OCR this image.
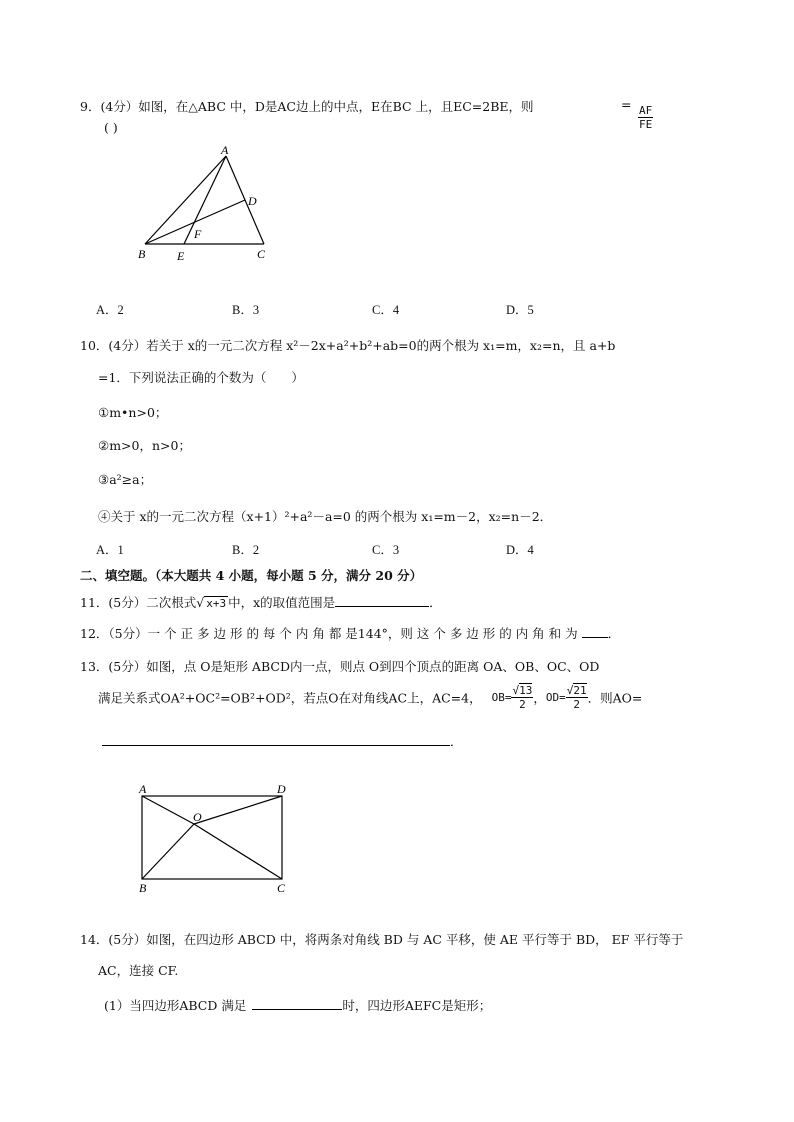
9．(4分）如图，在△ABC 中，D是AC边上的中点，E在BC 上，且EC=2BE，则	= $\frac{AF}{FE}$
( )
A
B	C
D
E
F
A．2	B．3	C．4	D．5
10．(4分）若关于 x的一元二次方程 x²－2x+a²+b²+ab=0的两个根为 x₁=m，x₂=n，且 a+b
=1．下列说法正确的个数为（　　）
①m•n>0；
②m>0，n>0；
③a²≥a；
④关于 x的一元二次方程（x+1）²+a²－a=0 的两个根为 x₁=m－2，x₂=n－2．
A．1	B．2	C．3	D．4
二、填空题。（本大题共 4 小题，每小题 5 分，满分 20 分）
11．(5分）二次根式√ x+3 中，x的取值范围是	．
12．（5分）一 个 正 多 边 形 的 每 个 内 角 都 是144°，则 这 个 多 边 形 的 内 角 和 为 ．
13．(5分）如图，点 O是矩形 ABCD内一点，则点 O到四个顶点的距离 OA、OB、OC、OD
满足关系式OA²+OC²=OB²+OD²，若点O在对角线AC上，AC=4， $OB= \frac{√13}{2}$ ，$OD= \frac{√21}{2}$ ．则AO=
．
A	D
B	C
O
14．(5分）如图，在四边形 ABCD 中，将两条对角线 BD 与 AC 平移，使 AE 平行等于 BD， EF 平行等于
AC，连接 CF.
(1）当四边形ABCD 满足	时，四边形AEFC是矩形；
